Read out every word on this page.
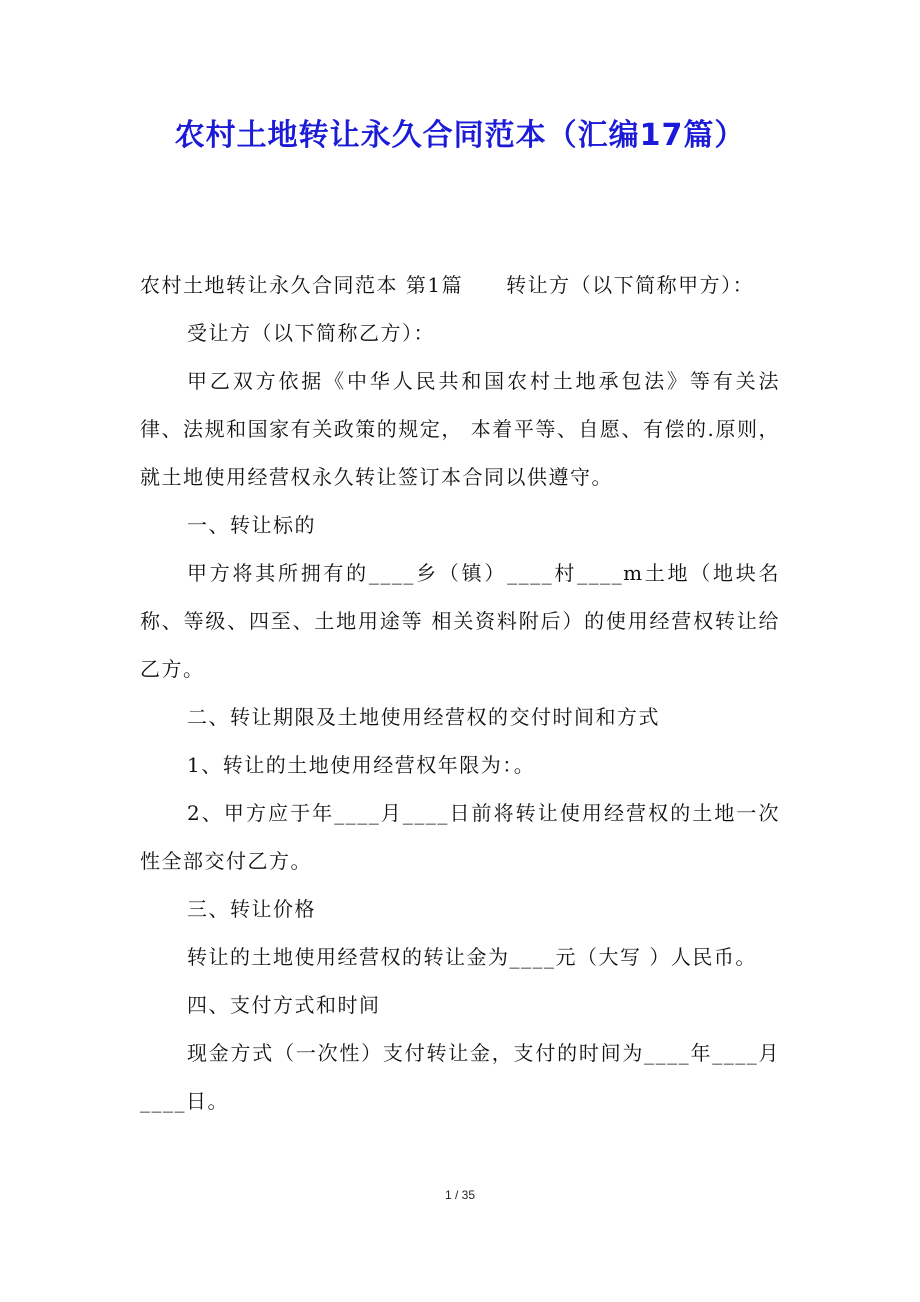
农村土地转让永久合同范本（汇编17篇）

农村土地转让永久合同范本 第1篇　　转让方（以下简称甲方）：

受让方（以下简称乙方）：

甲乙双方依据《中华人民共和国农村土地承包法》等有关法律、法规和国家有关政策的规定， 本着平等、自愿、有偿的.原则，就土地使用经营权永久转让签订本合同以供遵守。

一、转让标的

甲方将其所拥有的____乡（镇）____村____m土地（地块名称、等级、四至、土地用途等 相关资料附后）的使用经营权转让给乙方。

二、转让期限及土地使用经营权的交付时间和方式

1、转让的土地使用经营权年限为：。

2、甲方应于年____月____日前将转让使用经营权的土地一次性全部交付乙方。

三、转让价格

转让的土地使用经营权的转让金为____元（大写 ）人民币。

四、支付方式和时间

现金方式（一次性）支付转让金，支付的时间为____年____月____日。

1 / 35
